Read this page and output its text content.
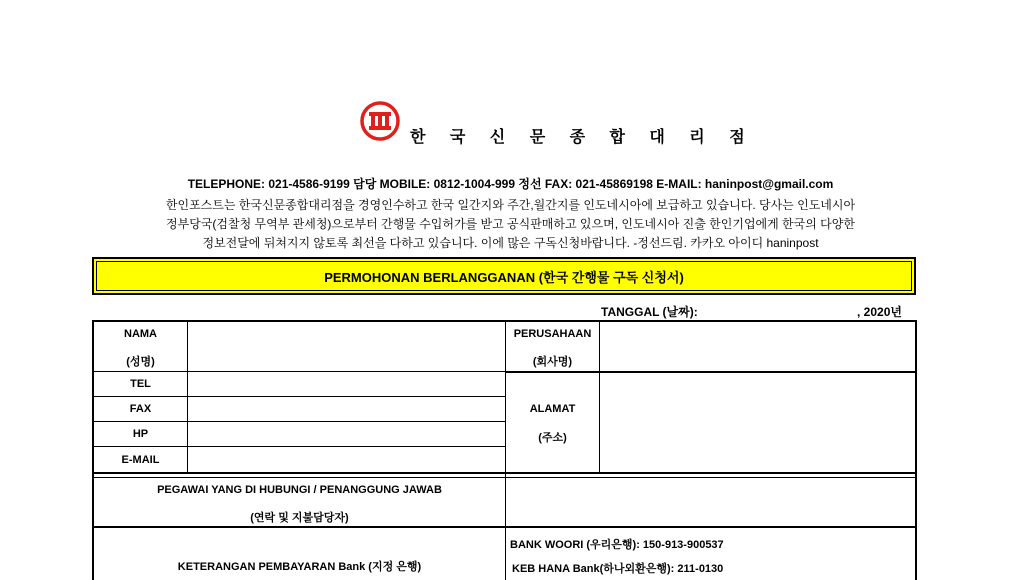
한 국 신 문 종 합 대 리 점
TELEPHONE: 021-4586-9199 담당 MOBILE: 0812-1004-999 정선 FAX: 021-45869198 E-MAIL: haninpost@gmail.com
한인포스트는 한국신문종합대리점을 경영인수하고 한국 일간지와 주간,월간지를 인도네시아에 보급하고 있습니다. 당사는 인도네시아
정부당국(검찰청 무역부 관세청)으로부터 간행물 수입허가를 받고 공식판매하고 있으며, 인도네시아 진출 한인기업에게 한국의 다양한
정보전달에 뒤쳐지지 않토록 최선을 다하고 있습니다. 이에 많은 구독신청바랍니다. -정선드림. 카카오 아이디 haninpost
PERMOHONAN BERLANGGANAN (한국 간행물 구독 신청서)
TANGGAL (날짜):	, 2020년
NAMA
(성명)
PERUSAHAAN
(회사명)
TEL
FAX
HP
E-MAIL
ALAMAT
(주소)
PEGAWAI YANG DI HUBUNGI / PENANGGUNG JAWAB
(연락 및 지불담당자)
KETERANGAN PEMBAYARAN Bank (지정 은행)
BANK WOORI (우리은행): 150-913-900537
KEB HANA Bank(하나외환은행): 211-0130
